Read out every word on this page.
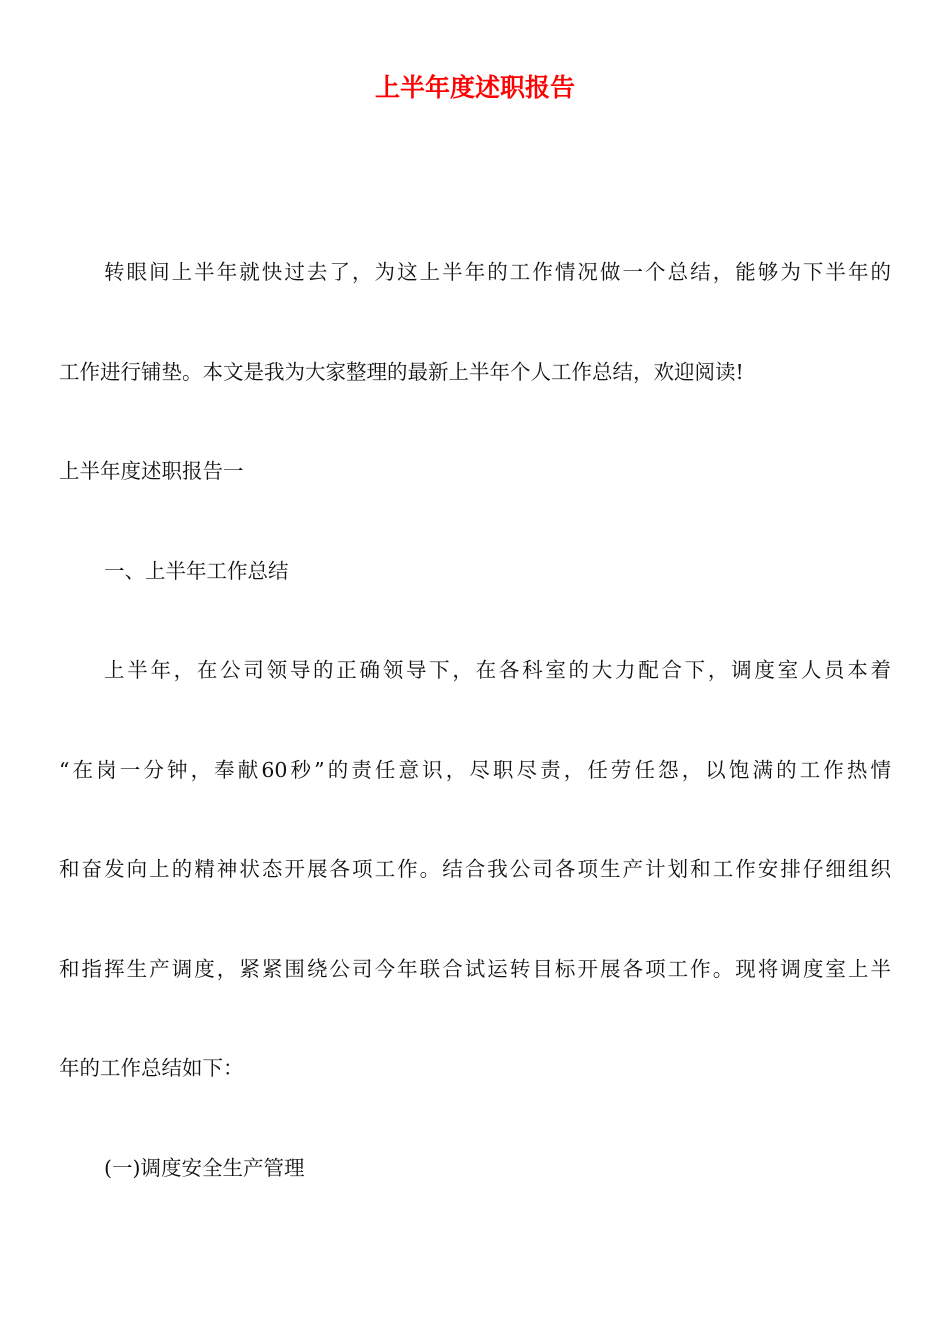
上半年度述职报告

转眼间上半年就快过去了，为这上半年的工作情况做一个总结，能够为下半年的

工作进行铺垫。本文是我为大家整理的最新上半年个人工作总结，欢迎阅读!

上半年度述职报告一

一、上半年工作总结

上半年，在公司领导的正确领导下，在各科室的大力配合下，调度室人员本着

“在岗一分钟，奉献60秒”的责任意识，尽职尽责，任劳任怨，以饱满的工作热情

和奋发向上的精神状态开展各项工作。结合我公司各项生产计划和工作安排仔细组织

和指挥生产调度，紧紧围绕公司今年联合试运转目标开展各项工作。现将调度室上半

年的工作总结如下：

(一)调度安全生产管理
